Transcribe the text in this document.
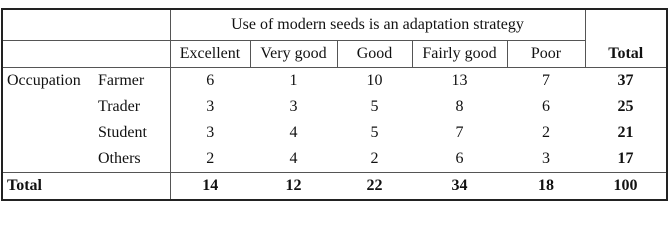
		Use of modern seeds is an adaptation strategy					
		Excellent	Very good	Good	Fairly good	Poor	Total
Occupation	Farmer	6	1	10	13	7	37
	Trader	3	3	5	8	6	25
	Student	3	4	5	7	2	21
	Others	2	4	2	6	3	17
Total		14	12	22	34	18	100
